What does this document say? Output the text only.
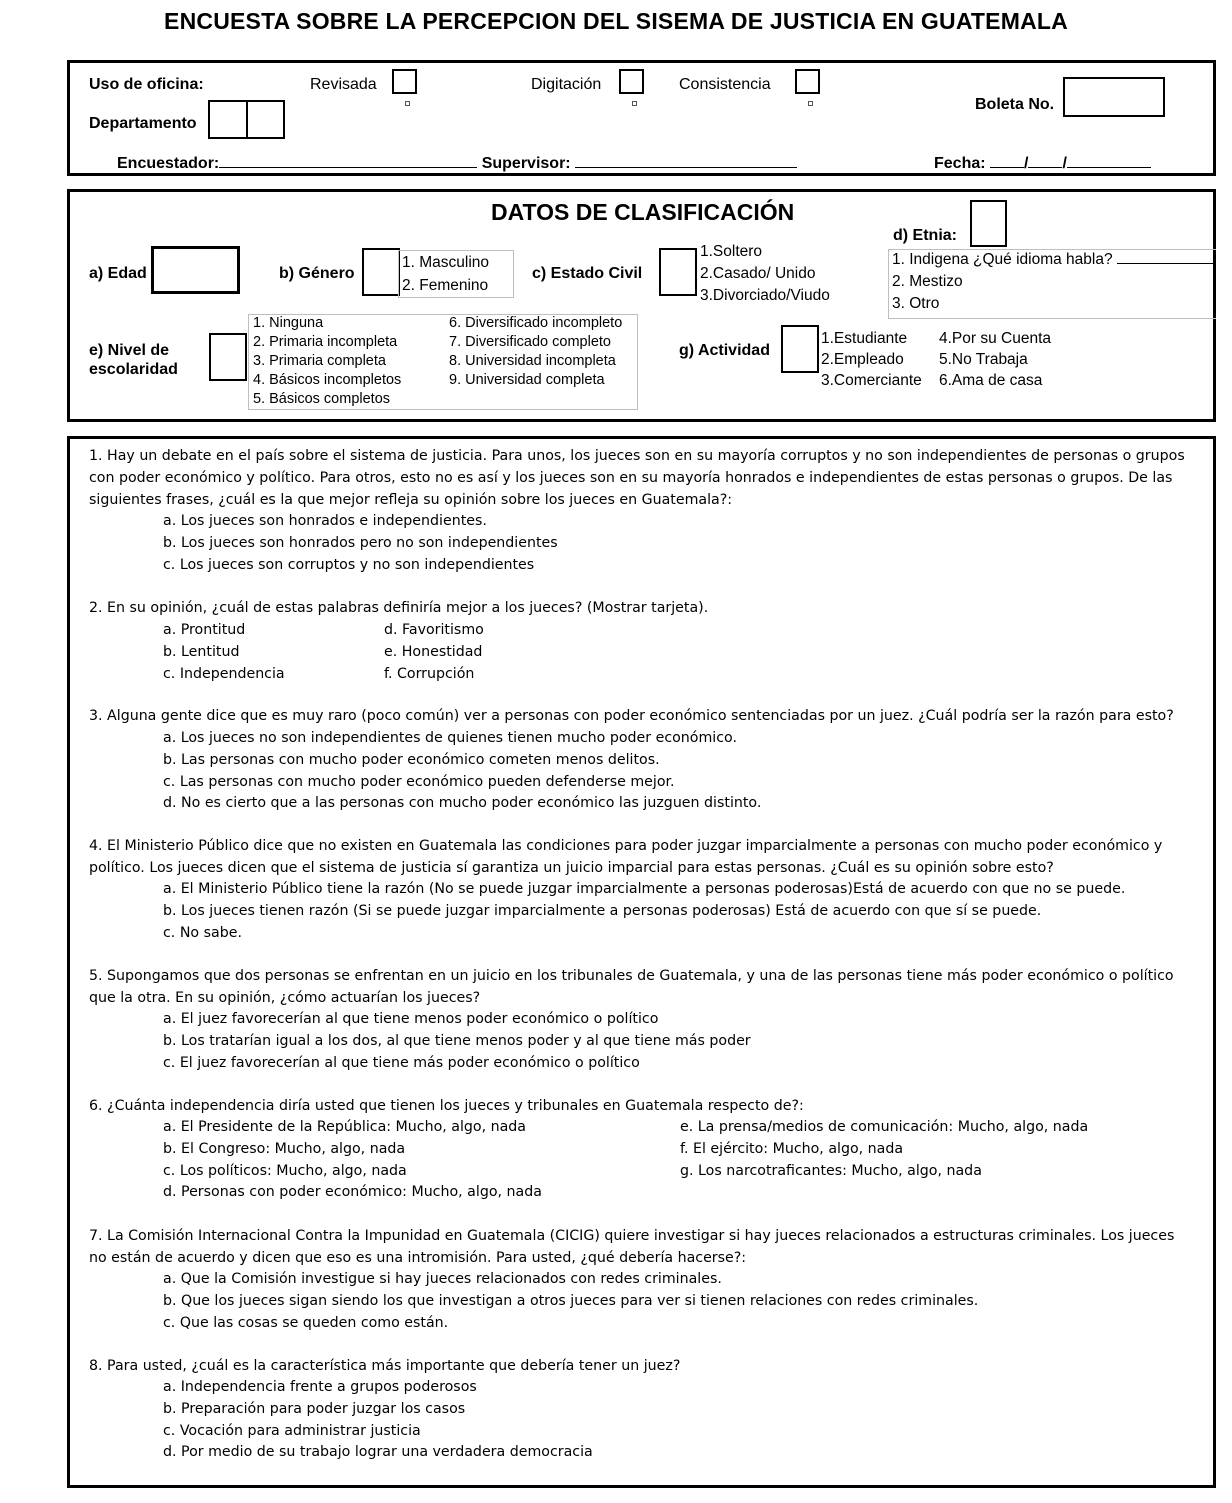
ENCUESTA SOBRE LA PERCEPCION DEL SISEMA DE JUSTICIA EN GUATEMALA
Uso de oficina:	Revisada	Digitación	Consistencia
Boleta No.
Departamento
Encuestador:	Supervisor:	Fecha: / /
DATOS DE CLASIFICACIÓN
a) Edad	b) Género
1. Masculino
2. Femenino
c) Estado Civil
1.Soltero
2.Casado/ Unido
3.Divorciado/Viudo
d) Etnia:
1. Indigena ¿Qué idioma habla?
2. Mestizo
3. Otro
e) Nivel de
escolaridad
1. Ninguna
2. Primaria incompleta
3. Primaria completa
4. Básicos incompletos
5. Básicos completos
6. Diversificado incompleto
7. Diversificado completo
8. Universidad incompleta
9. Universidad completa
g) Actividad
1.Estudiante
2.Empleado
3.Comerciante
4.Por su Cuenta
5.No Trabaja
6.Ama de casa
1. Hay un debate en el país sobre el sistema de justicia. Para unos, los jueces son en su mayoría corruptos y no son independientes de personas o grupos
con poder económico y político. Para otros, esto no es así y los jueces son en su mayoría honrados e independientes de estas personas o grupos. De las
siguientes frases, ¿cuál es la que mejor refleja su opinión sobre los jueces en Guatemala?:
a. Los jueces son honrados e independientes.
b. Los jueces son honrados pero no son independientes
c. Los jueces son corruptos y no son independientes
2. En su opinión, ¿cuál de estas palabras definiría mejor a los jueces? (Mostrar tarjeta).
a. Prontitud
b. Lentitud
c. Independencia
d. Favoritismo
e. Honestidad
f. Corrupción
3. Alguna gente dice que es muy raro (poco común) ver a personas con poder económico sentenciadas por un juez. ¿Cuál podría ser la razón para esto?
a. Los jueces no son independientes de quienes tienen mucho poder económico.
b. Las personas con mucho poder económico cometen menos delitos.
c. Las personas con mucho poder económico pueden defenderse mejor.
d. No es cierto que a las personas con mucho poder económico las juzguen distinto.
4. El Ministerio Público dice que no existen en Guatemala las condiciones para poder juzgar imparcialmente a personas con mucho poder económico y
político. Los jueces dicen que el sistema de justicia sí garantiza un juicio imparcial para estas personas. ¿Cuál es su opinión sobre esto?
a. El Ministerio Público tiene la razón (No se puede juzgar imparcialmente a personas poderosas)Está de acuerdo con que no se puede.
b. Los jueces tienen razón (Si se puede juzgar imparcialmente a personas poderosas) Está de acuerdo con que sí se puede.
c. No sabe.
5. Supongamos que dos personas se enfrentan en un juicio en los tribunales de Guatemala, y una de las personas tiene más poder económico o político
que la otra. En su opinión, ¿cómo actuarían los jueces?
a. El juez favorecerían al que tiene menos poder económico o político
b. Los tratarían igual a los dos, al que tiene menos poder y al que tiene más poder
c. El juez favorecerían al que tiene más poder económico o político
6. ¿Cuánta independencia diría usted que tienen los jueces y tribunales en Guatemala respecto de?:
a. El Presidente de la República: Mucho, algo, nada
b. El Congreso: Mucho, algo, nada
c. Los políticos: Mucho, algo, nada
d. Personas con poder económico: Mucho, algo, nada
e. La prensa/medios de comunicación: Mucho, algo, nada
f. El ejército: Mucho, algo, nada
g. Los narcotraficantes: Mucho, algo, nada
7. La Comisión Internacional Contra la Impunidad en Guatemala (CICIG) quiere investigar si hay jueces relacionados a estructuras criminales. Los jueces
no están de acuerdo y dicen que eso es una intromisión. Para usted, ¿qué debería hacerse?:
a. Que la Comisión investigue si hay jueces relacionados con redes criminales.
b. Que los jueces sigan siendo los que investigan a otros jueces para ver si tienen relaciones con redes criminales.
c. Que las cosas se queden como están.
8. Para usted, ¿cuál es la característica más importante que debería tener un juez?
a. Independencia frente a grupos poderosos
b. Preparación para poder juzgar los casos
c. Vocación para administrar justicia
d. Por medio de su trabajo lograr una verdadera democracia
